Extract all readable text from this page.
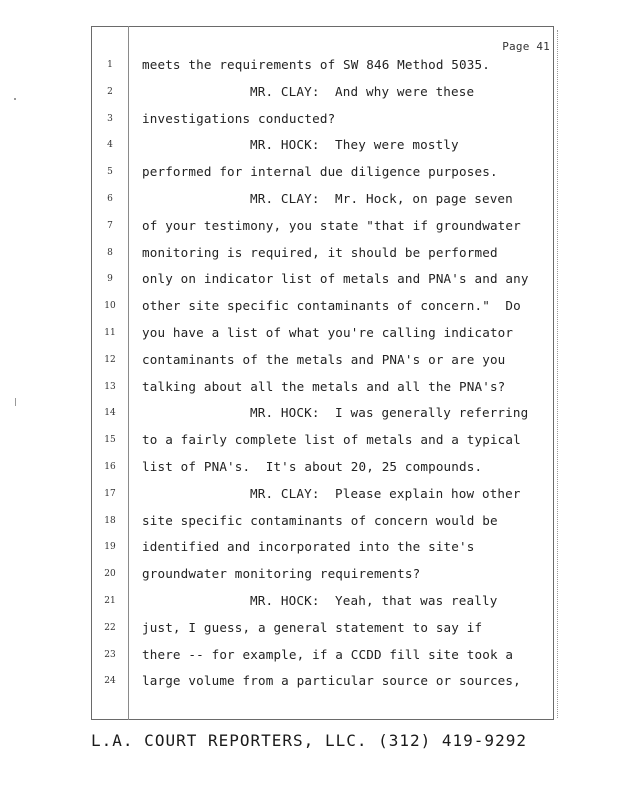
Page 41
1	meets the requirements of SW 846 Method 5035.
2	MR. CLAY:  And why were these
3	investigations conducted?
4	MR. HOCK:  They were mostly
5	performed for internal due diligence purposes.
6	MR. CLAY:  Mr. Hock, on page seven
7	of your testimony, you state "that if groundwater
8	monitoring is required, it should be performed
9	only on indicator list of metals and PNA's and any
10	other site specific contaminants of concern."  Do
11	you have a list of what you're calling indicator
12	contaminants of the metals and PNA's or are you
13	talking about all the metals and all the PNA's?
14	MR. HOCK:  I was generally referring
15	to a fairly complete list of metals and a typical
16	list of PNA's.  It's about 20, 25 compounds.
17	MR. CLAY:  Please explain how other
18	site specific contaminants of concern would be
19	identified and incorporated into the site's
20	groundwater monitoring requirements?
21	MR. HOCK:  Yeah, that was really
22	just, I guess, a general statement to say if
23	there -- for example, if a CCDD fill site took a
24	large volume from a particular source or sources,
L.A. COURT REPORTERS, LLC. (312) 419-9292
